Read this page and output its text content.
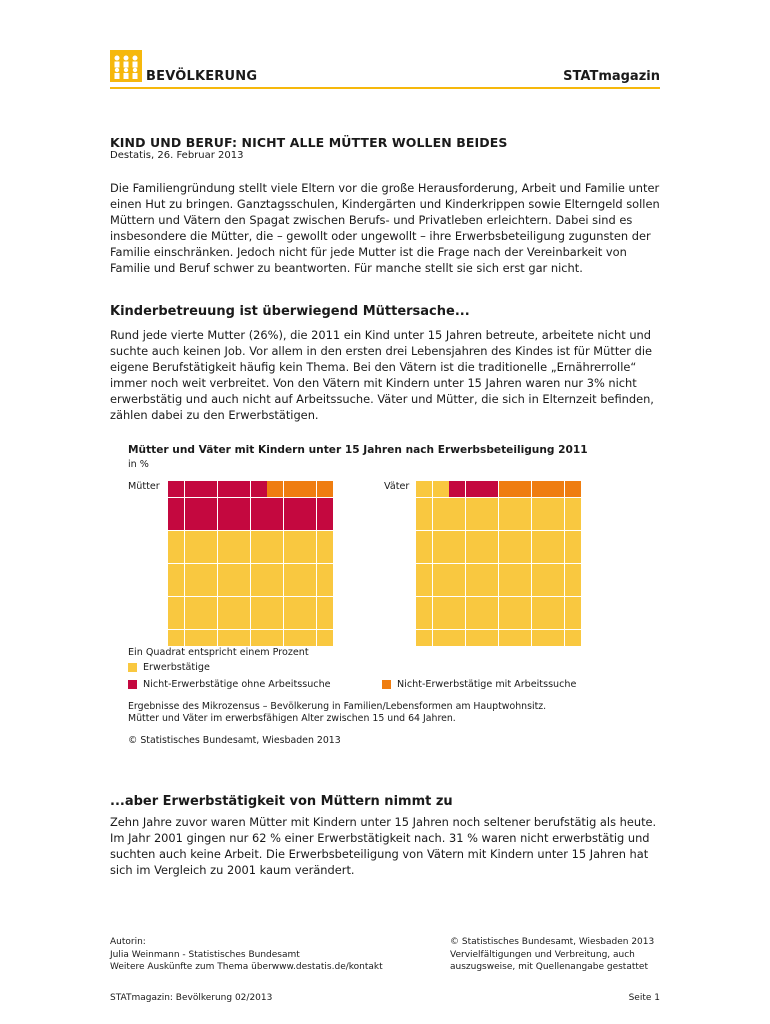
BEVÖLKERUNG	STATmagazin
KIND UND BERUF: NICHT ALLE MÜTTER WOLLEN BEIDES
Destatis, 26. Februar 2013

Die Familiengründung stellt viele Eltern vor die große Herausforderung, Arbeit und Familie unter einen Hut zu bringen. Ganztagsschulen, Kindergärten und Kinderkrippen sowie Elterngeld sollen Müttern und Vätern den Spagat zwischen Berufs- und Privatleben erleichtern. Dabei sind es insbesondere die Mütter, die – gewollt oder ungewollt – ihre Erwerbsbeteiligung zugunsten der Familie einschränken. Jedoch nicht für jede Mutter ist die Frage nach der Vereinbarkeit von Familie und Beruf schwer zu beantworten. Für manche stellt sie sich erst gar nicht.

Kinderbetreuung ist überwiegend Müttersache...

Rund jede vierte Mutter (26%), die 2011 ein Kind unter 15 Jahren betreute, arbeitete nicht und suchte auch keinen Job. Vor allem in den ersten drei Lebensjahren des Kindes ist für Mütter die eigene Berufstätigkeit häufig kein Thema. Bei den Vätern ist die traditionelle „Ernährerrolle“ immer noch weit verbreitet. Von den Vätern mit Kindern unter 15 Jahren waren nur 3% nicht erwerbstätig und auch nicht auf Arbeitssuche. Väter und Mütter, die sich in Elternzeit befinden, zählen dabei zu den Erwerbstätigen.

Mütter und Väter mit Kindern unter 15 Jahren nach Erwerbsbeteiligung 2011
in %
Mütter	Väter
Ein Quadrat entspricht einem Prozent
Erwerbstätige
Nicht-Erwerbstätige ohne Arbeitssuche	Nicht-Erwerbstätige mit Arbeitssuche
Ergebnisse des Mikrozensus – Bevölkerung in Familien/Lebensformen am Hauptwohnsitz.
Mütter und Väter im erwerbsfähigen Alter zwischen 15 und 64 Jahren.
© Statistisches Bundesamt, Wiesbaden 2013
...aber Erwerbstätigkeit von Müttern nimmt zu

Zehn Jahre zuvor waren Mütter mit Kindern unter 15 Jahren noch seltener berufstätig als heute. Im Jahr 2001 gingen nur 62 % einer Erwerbstätigkeit nach. 31 % waren nicht erwerbstätig und suchten auch keine Arbeit. Die Erwerbsbeteiligung von Vätern mit Kindern unter 15 Jahren hat sich im Vergleich zu 2001 kaum verändert.

Autorin:
Julia Weinmann - Statistisches Bundesamt
Weitere Auskünfte zum Thema überwww.destatis.de/kontakt
© Statistisches Bundesamt, Wiesbaden 2013
Vervielfältigungen und Verbreitung, auch
auszugsweise, mit Quellenangabe gestattet
STATmagazin: Bevölkerung 02/2013	Seite 1
